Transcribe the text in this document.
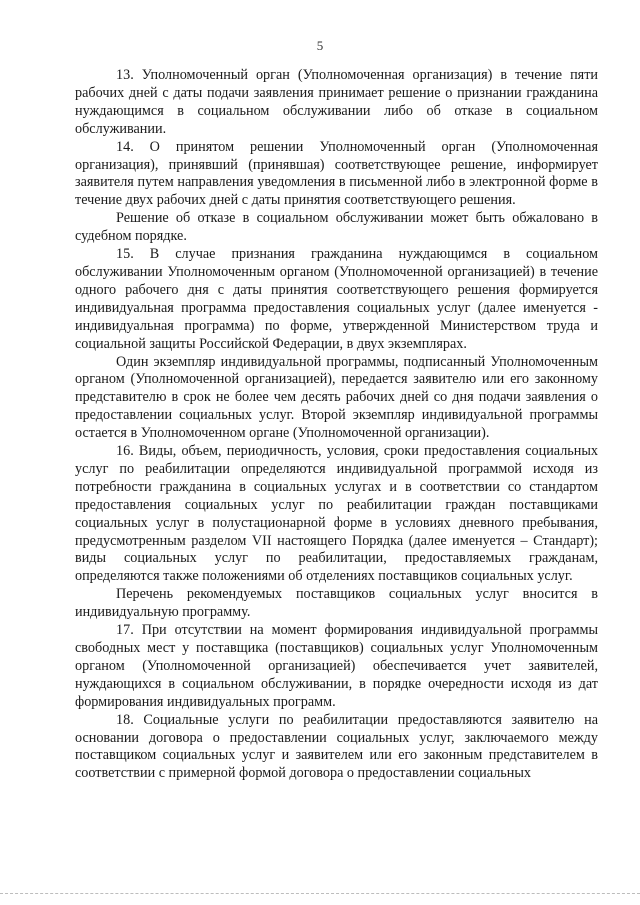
5

13. Уполномоченный орган (Уполномоченная организация) в течение пяти рабочих дней с даты подачи заявления принимает решение о признании гражданина нуждающимся в социальном обслуживании либо об отказе в социальном обслуживании.

14. О принятом решении Уполномоченный орган (Уполномоченная организация), принявший (принявшая) соответствующее решение, информирует заявителя путем направления уведомления в письменной либо в электронной форме в течение двух рабочих дней с даты принятия соответствующего решения.

Решение об отказе в социальном обслуживании может быть обжаловано в судебном порядке.

15. В случае признания гражданина нуждающимся в социальном обслуживании Уполномоченным органом (Уполномоченной организацией) в течение одного рабочего дня с даты принятия соответствующего решения формируется индивидуальная программа предоставления социальных услуг (далее именуется - индивидуальная программа) по форме, утвержденной Министерством труда и социальной защиты Российской Федерации, в двух экземплярах.

Один экземпляр индивидуальной программы, подписанный Уполномоченным органом (Уполномоченной организацией), передается заявителю или его законному представителю в срок не более чем десять рабочих дней со дня подачи заявления о предоставлении социальных услуг. Второй экземпляр индивидуальной программы остается в Уполномоченном органе (Уполномоченной организации).

16. Виды, объем, периодичность, условия, сроки предоставления социальных услуг по реабилитации определяются индивидуальной программой исходя из потребности гражданина в социальных услугах и в соответствии со стандартом предоставления социальных услуг по реабилитации граждан поставщиками социальных услуг в полустационарной форме в условиях дневного пребывания, предусмотренным разделом VII настоящего Порядка (далее именуется – Стандарт); виды социальных услуг по реабилитации, предоставляемых гражданам, определяются также положениями об отделениях поставщиков социальных услуг.

Перечень рекомендуемых поставщиков социальных услуг вносится в индивидуальную программу.

17. При отсутствии на момент формирования индивидуальной программы свободных мест у поставщика (поставщиков) социальных услуг Уполномоченным органом (Уполномоченной организацией) обеспечивается учет заявителей, нуждающихся в социальном обслуживании, в порядке очередности исходя из дат формирования индивидуальных программ.

18. Социальные услуги по реабилитации предоставляются заявителю на основании договора о предоставлении социальных услуг, заключаемого между поставщиком социальных услуг и заявителем или его законным представителем в соответствии с примерной формой договора о предоставлении социальных
